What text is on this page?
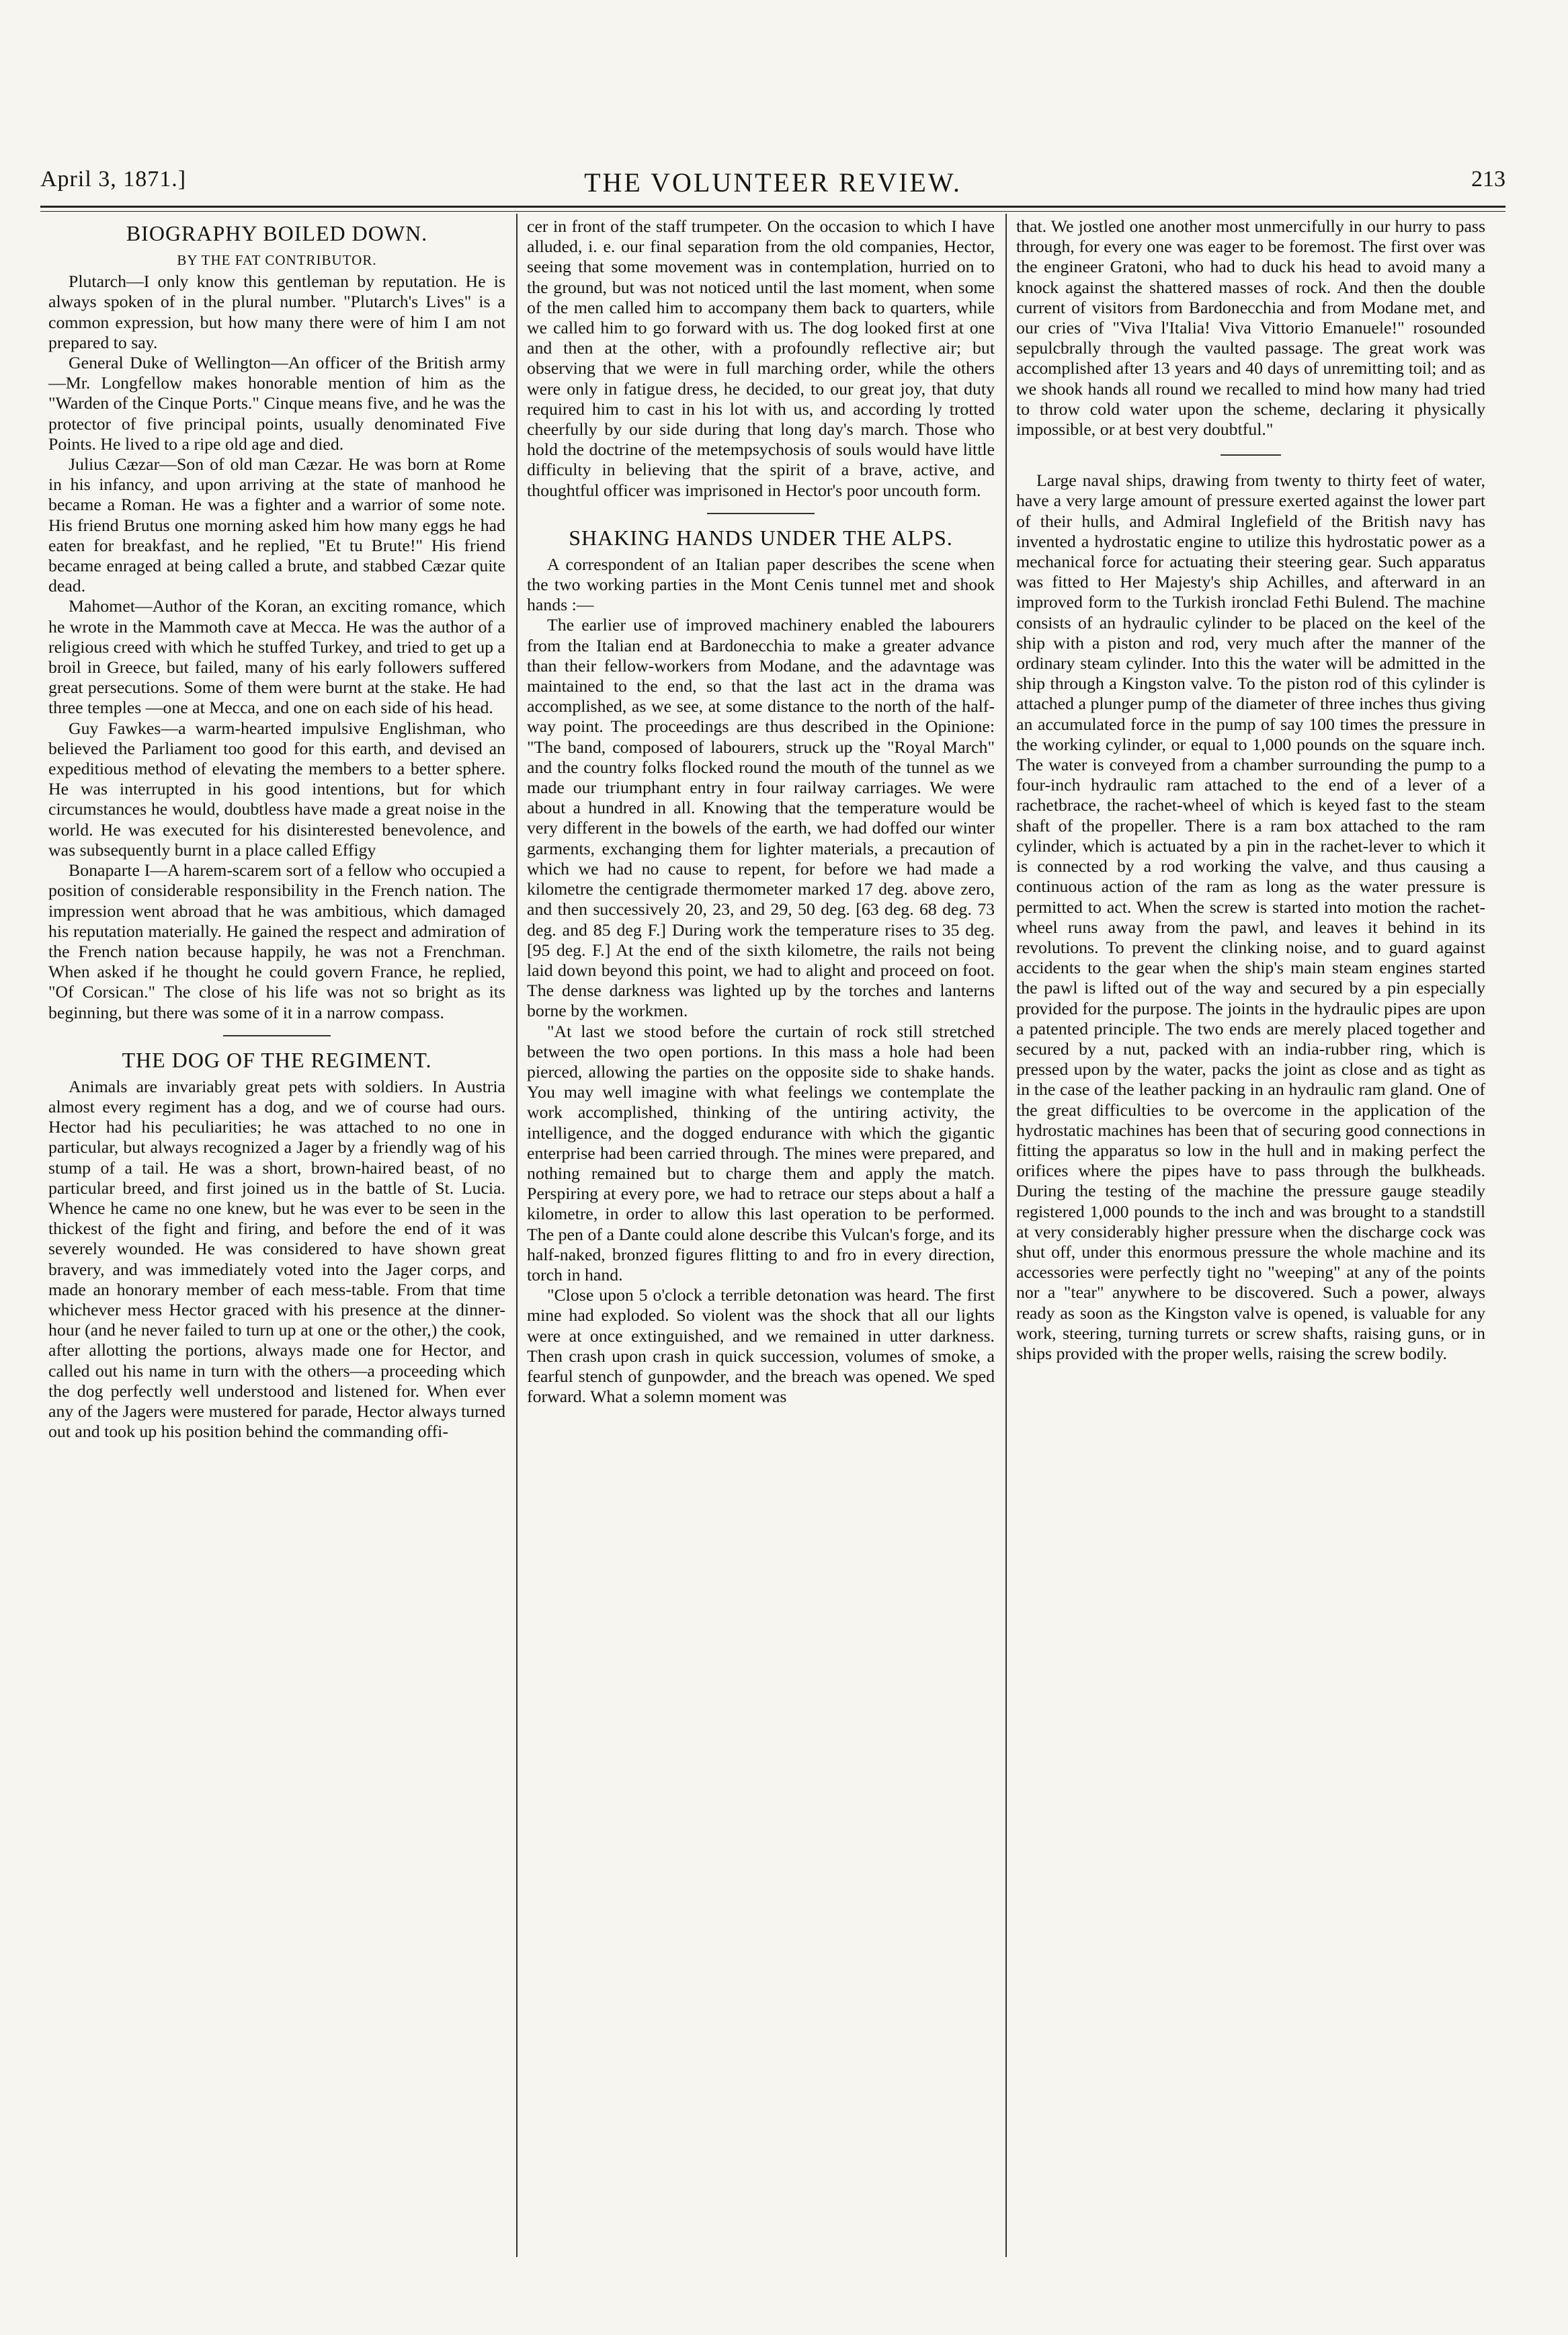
April 3, 1871.]	THE VOLUNTEER REVIEW.	213
BIOGRAPHY BOILED DOWN.
BY THE FAT CONTRIBUTOR.

Plutarch—I only know this gentleman by reputation. He is always spoken of in the plural number. "Plutarch's Lives" is a common expression, but how many there were of him I am not prepared to say.

General Duke of Wellington—An officer of the British army—Mr. Longfellow makes honorable mention of him as the "Warden of the Cinque Ports." Cinque means five, and he was the protector of five principal points, usually denominated Five Points. He lived to a ripe old age and died.

Julius Cæzar—Son of old man Cæzar. He was born at Rome in his infancy, and upon arriving at the state of manhood he became a Roman. He was a fighter and a warrior of some note. His friend Brutus one morning asked him how many eggs he had eaten for breakfast, and he replied, "Et tu Brute!" His friend became enraged at being called a brute, and stabbed Cæzar quite dead.

Mahomet—Author of the Koran, an exciting romance, which he wrote in the Mammoth cave at Mecca. He was the author of a religious creed with which he stuffed Turkey, and tried to get up a broil in Greece, but failed, many of his early followers suffered great persecutions. Some of them were burnt at the stake. He had three temples —one at Mecca, and one on each side of his head.

Guy Fawkes—a warm-hearted impulsive Englishman, who believed the Parliament too good for this earth, and devised an expeditious method of elevating the members to a better sphere. He was interrupted in his good intentions, but for which circumstances he would, doubtless have made a great noise in the world. He was executed for his disinterested benevolence, and was subsequently burnt in a place called Effigy

Bonaparte I—A harem-scarem sort of a fellow who occupied a position of considerable responsibility in the French nation. The impression went abroad that he was ambitious, which damaged his reputation materially. He gained the respect and admiration of the French nation because happily, he was not a Frenchman. When asked if he thought he could govern France, he replied, "Of Corsican." The close of his life was not so bright as its beginning, but there was some of it in a narrow compass.

THE DOG OF THE REGIMENT.

Animals are invariably great pets with soldiers. In Austria almost every regiment has a dog, and we of course had ours. Hector had his peculiarities; he was attached to no one in particular, but always recognized a Jager by a friendly wag of his stump of a tail. He was a short, brown-haired beast, of no particular breed, and first joined us in the battle of St. Lucia. Whence he came no one knew, but he was ever to be seen in the thickest of the fight and firing, and before the end of it was severely wounded. He was considered to have shown great bravery, and was immediately voted into the Jager corps, and made an honorary member of each mess-table. From that time whichever mess Hector graced with his presence at the dinner-hour (and he never failed to turn up at one or the other,) the cook, after allotting the portions, always made one for Hector, and called out his name in turn with the others—a proceeding which the dog perfectly well understood and listened for. When ever any of the Jagers were mustered for parade, Hector always turned out and took up his position behind the commanding offi-

cer in front of the staff trumpeter. On the occasion to which I have alluded, i. e. our final separation from the old companies, Hector, seeing that some movement was in contemplation, hurried on to the ground, but was not noticed until the last moment, when some of the men called him to accompany them back to quarters, while we called him to go forward with us. The dog looked first at one and then at the other, with a profoundly reflective air; but observing that we were in full marching order, while the others were only in fatigue dress, he decided, to our great joy, that duty required him to cast in his lot with us, and according ly trotted cheerfully by our side during that long day's march. Those who hold the doctrine of the metempsychosis of souls would have little difficulty in believing that the spirit of a brave, active, and thoughtful officer was imprisoned in Hector's poor uncouth form.

SHAKING HANDS UNDER THE ALPS.

A correspondent of an Italian paper describes the scene when the two working parties in the Mont Cenis tunnel met and shook hands :—

The earlier use of improved machinery enabled the labourers from the Italian end at Bardonecchia to make a greater advance than their fellow-workers from Modane, and the adavntage was maintained to the end, so that the last act in the drama was accomplished, as we see, at some distance to the north of the half-way point. The proceedings are thus described in the Opinione: "The band, composed of labourers, struck up the "Royal March" and the country folks flocked round the mouth of the tunnel as we made our triumphant entry in four railway carriages. We were about a hundred in all. Knowing that the temperature would be very different in the bowels of the earth, we had doffed our winter garments, exchanging them for lighter materials, a precaution of which we had no cause to repent, for before we had made a kilometre the centigrade thermometer marked 17 deg. above zero, and then successively 20, 23, and 29, 50 deg. [63 deg. 68 deg. 73 deg. and 85 deg F.] During work the temperature rises to 35 deg. [95 deg. F.] At the end of the sixth kilometre, the rails not being laid down beyond this point, we had to alight and proceed on foot. The dense darkness was lighted up by the torches and lanterns borne by the workmen.

"At last we stood before the curtain of rock still stretched between the two open portions. In this mass a hole had been pierced, allowing the parties on the opposite side to shake hands. You may well imagine with what feelings we contemplate the work accomplished, thinking of the untiring activity, the intelligence, and the dogged endurance with which the gigantic enterprise had been carried through. The mines were prepared, and nothing remained but to charge them and apply the match. Perspiring at every pore, we had to retrace our steps about a half a kilometre, in order to allow this last operation to be performed. The pen of a Dante could alone describe this Vulcan's forge, and its half-naked, bronzed figures flitting to and fro in every direction, torch in hand.

"Close upon 5 o'clock a terrible detonation was heard. The first mine had exploded. So violent was the shock that all our lights were at once extinguished, and we remained in utter darkness. Then crash upon crash in quick succession, volumes of smoke, a fearful stench of gunpowder, and the breach was opened. We sped forward. What a solemn moment was

that. We jostled one another most unmercifully in our hurry to pass through, for every one was eager to be foremost. The first over was the engineer Gratoni, who had to duck his head to avoid many a knock against the shattered masses of rock. And then the double current of visitors from Bardonecchia and from Modane met, and our cries of "Viva l'Italia! Viva Vittorio Emanuele!" rosounded sepulcbrally through the vaulted passage. The great work was accomplished after 13 years and 40 days of unremitting toil; and as we shook hands all round we recalled to mind how many had tried to throw cold water upon the scheme, declaring it physically impossible, or at best very doubtful."

Large naval ships, drawing from twenty to thirty feet of water, have a very large amount of pressure exerted against the lower part of their hulls, and Admiral Inglefield of the British navy has invented a hydrostatic engine to utilize this hydrostatic power as a mechanical force for actuating their steering gear. Such apparatus was fitted to Her Majesty's ship Achilles, and afterward in an improved form to the Turkish ironclad Fethi Bulend. The machine consists of an hydraulic cylinder to be placed on the keel of the ship with a piston and rod, very much after the manner of the ordinary steam cylinder. Into this the water will be admitted in the ship through a Kingston valve. To the piston rod of this cylinder is attached a plunger pump of the diameter of three inches thus giving an accumulated force in the pump of say 100 times the pressure in the working cylinder, or equal to 1,000 pounds on the square inch. The water is conveyed from a chamber surrounding the pump to a four-inch hydraulic ram attached to the end of a lever of a rachetbrace, the rachet-wheel of which is keyed fast to the steam shaft of the propeller. There is a ram box attached to the ram cylinder, which is actuated by a pin in the rachet-lever to which it is connected by a rod working the valve, and thus causing a continuous action of the ram as long as the water pressure is permitted to act. When the screw is started into motion the rachet-wheel runs away from the pawl, and leaves it behind in its revolutions. To prevent the clinking noise, and to guard against accidents to the gear when the ship's main steam engines started the pawl is lifted out of the way and secured by a pin especially provided for the purpose. The joints in the hydraulic pipes are upon a patented principle. The two ends are merely placed together and secured by a nut, packed with an india-rubber ring, which is pressed upon by the water, packs the joint as close and as tight as in the case of the leather packing in an hydraulic ram gland. One of the great difficulties to be overcome in the application of the hydrostatic machines has been that of securing good connections in fitting the apparatus so low in the hull and in making perfect the orifices where the pipes have to pass through the bulkheads. During the testing of the machine the pressure gauge steadily registered 1,000 pounds to the inch and was brought to a standstill at very considerably higher pressure when the discharge cock was shut off, under this enormous pressure the whole machine and its accessories were perfectly tight no "weeping" at any of the points nor a "tear" anywhere to be discovered. Such a power, always ready as soon as the Kingston valve is opened, is valuable for any work, steering, turning turrets or screw shafts, raising guns, or in ships provided with the proper wells, raising the screw bodily.
